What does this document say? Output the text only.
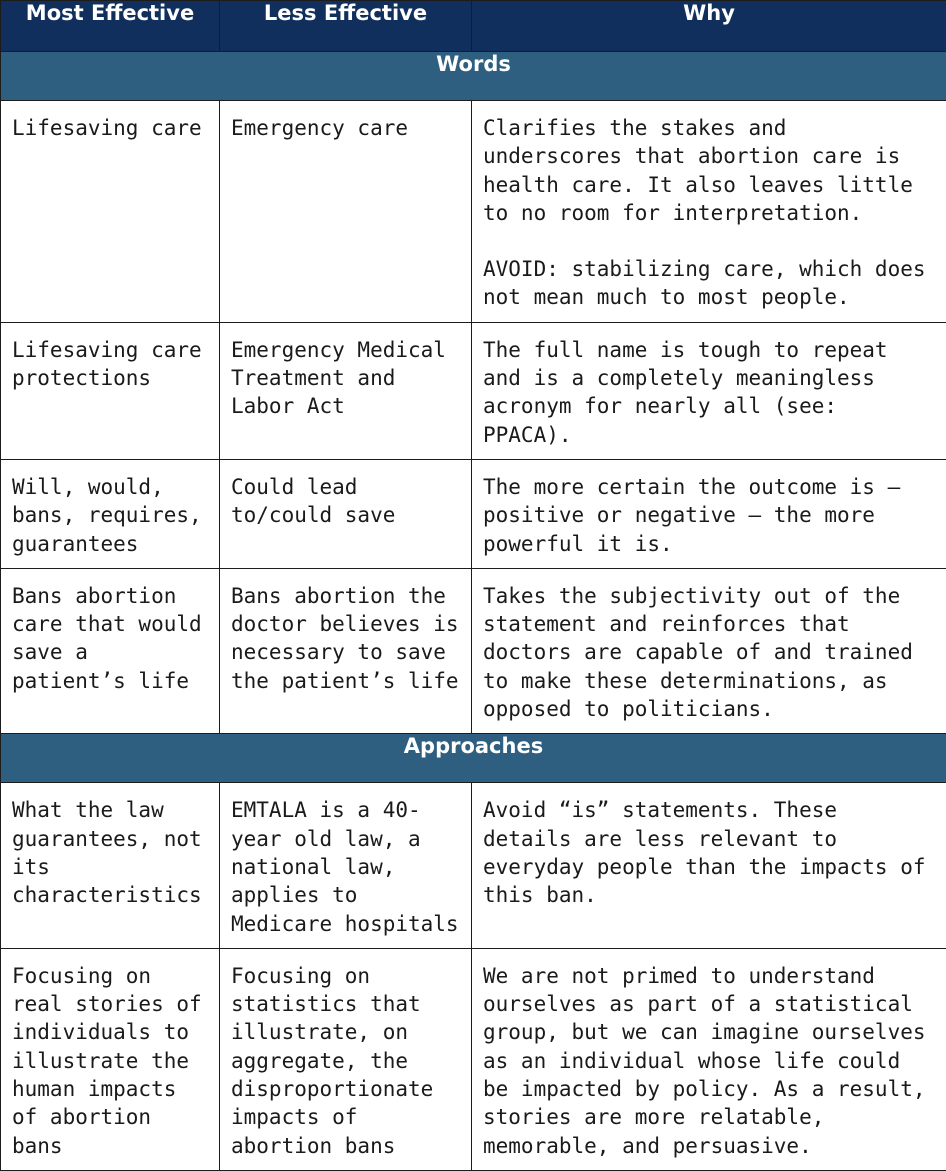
Most Effective	Less Effective	Why
Words		
Lifesaving care	Emergency care	Clarifies the stakes and underscores that abortion care is health care. It also leaves little to no room for interpretation.

AVOID: stabilizing care, which does not mean much to most people.

Lifesaving care protections	Emergency Medical Treatment and Labor Act	The full name is tough to repeat and is a completely meaningless acronym for nearly all (see: PPACA).
Will, would, bans, requires, guarantees	Could lead to/could save	The more certain the outcome is – positive or negative – the more powerful it is.
Bans abortion care that would save a patient’s life	Bans abortion the doctor believes is necessary to save the patient’s life	Takes the subjectivity out of the statement and reinforces that doctors are capable of and trained to make these determinations, as opposed to politicians.
Approaches		
What the law guarantees, not its characteristics	EMTALA is a 40-year old law, a national law, applies to Medicare hospitals	Avoid “is” statements. These details are less relevant to everyday people than the impacts of this ban.
Focusing on real stories of individuals to illustrate the human impacts of abortion bans	Focusing on statistics that illustrate, on aggregate, the disproportionate impacts of abortion bans	We are not primed to understand ourselves as part of a statistical group, but we can imagine ourselves as an individual whose life could be impacted by policy. As a result, stories are more relatable, memorable, and persuasive.
